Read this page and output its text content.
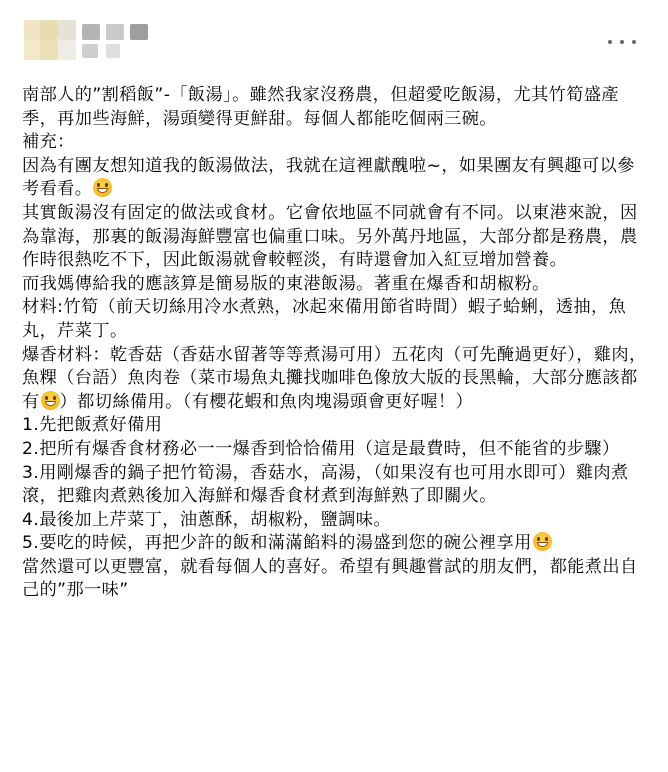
南部人的”割稻飯”-「飯湯」。雖然我家沒務農，但超愛吃飯湯，尤其竹筍盛產季，再加些海鮮，湯頭變得更鮮甜。每個人都能吃個兩三碗。

補充：

因為有團友想知道我的飯湯做法，我就在這裡獻醜啦~，如果團友有興趣可以參考看看。

其實飯湯沒有固定的做法或食材。它會依地區不同就會有不同。以東港來說，因為靠海，那裏的飯湯海鮮豐富也偏重口味。另外萬丹地區，大部分都是務農，農作時很熱吃不下，因此飯湯就會較輕淡，有時還會加入紅豆增加營養。

而我媽傳給我的應該算是簡易版的東港飯湯。著重在爆香和胡椒粉。

材料:竹筍（前天切絲用冷水煮熟，冰起來備用節省時間）蝦子蛤蜊，透抽，魚丸，芹菜丁。

爆香材料：乾香菇（香菇水留著等等煮湯可用）五花肉（可先醃過更好），雞肉，魚粿（台語）魚肉卷（菜市場魚丸攤找咖啡色像放大版的長黑輪，大部分應該都有 ）都切絲備用。（有櫻花蝦和魚肉塊湯頭會更好喔！）

1.先把飯煮好備用

2.把所有爆香食材務必一一爆香到恰恰備用（這是最費時，但不能省的步驟）

3.用剛爆香的鍋子把竹筍湯，香菇水，高湯，（如果沒有也可用水即可）雞肉煮滾，把雞肉煮熟後加入海鮮和爆香食材煮到海鮮熟了即關火。

4.最後加上芹菜丁，油蔥酥，胡椒粉，鹽調味。

5.要吃的時候，再把少許的飯和滿滿餡料的湯盛到您的碗公裡享用

當然還可以更豐富，就看每個人的喜好。希望有興趣嘗試的朋友們，都能煮出自己的”那一味”
